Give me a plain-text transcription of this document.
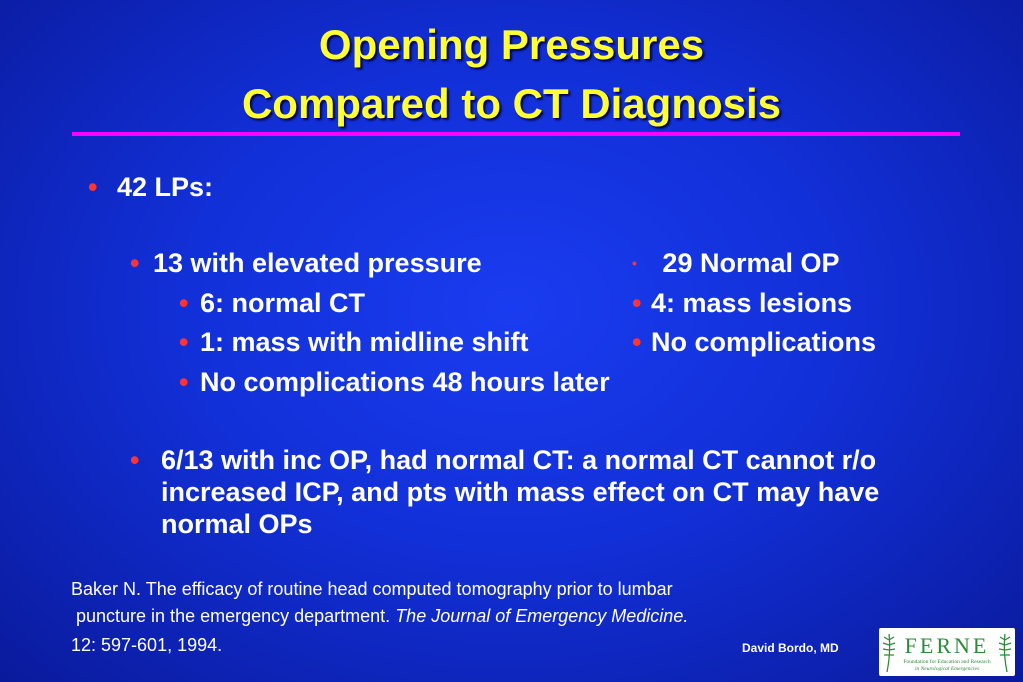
Opening Pressures
Compared to CT Diagnosis
• 42 LPs:
• 13 with elevated pressure
• 6: normal CT
• 1: mass with midline shift
• No complications 48 hours later
• 29 Normal OP
• 4: mass lesions
• No complications
• 6/13 with inc OP, had normal CT: a normal CT cannot r/o increased ICP, and pts with mass effect on CT may have normal OPs
Baker N. The efficacy of routine head computed tomography prior to lumbar
puncture in the emergency department. The Journal of Emergency Medicine.
12: 597-601, 1994.	David Bordo, MD	FERNE
Foundation for Education and Research
in Neurological Emergencies
